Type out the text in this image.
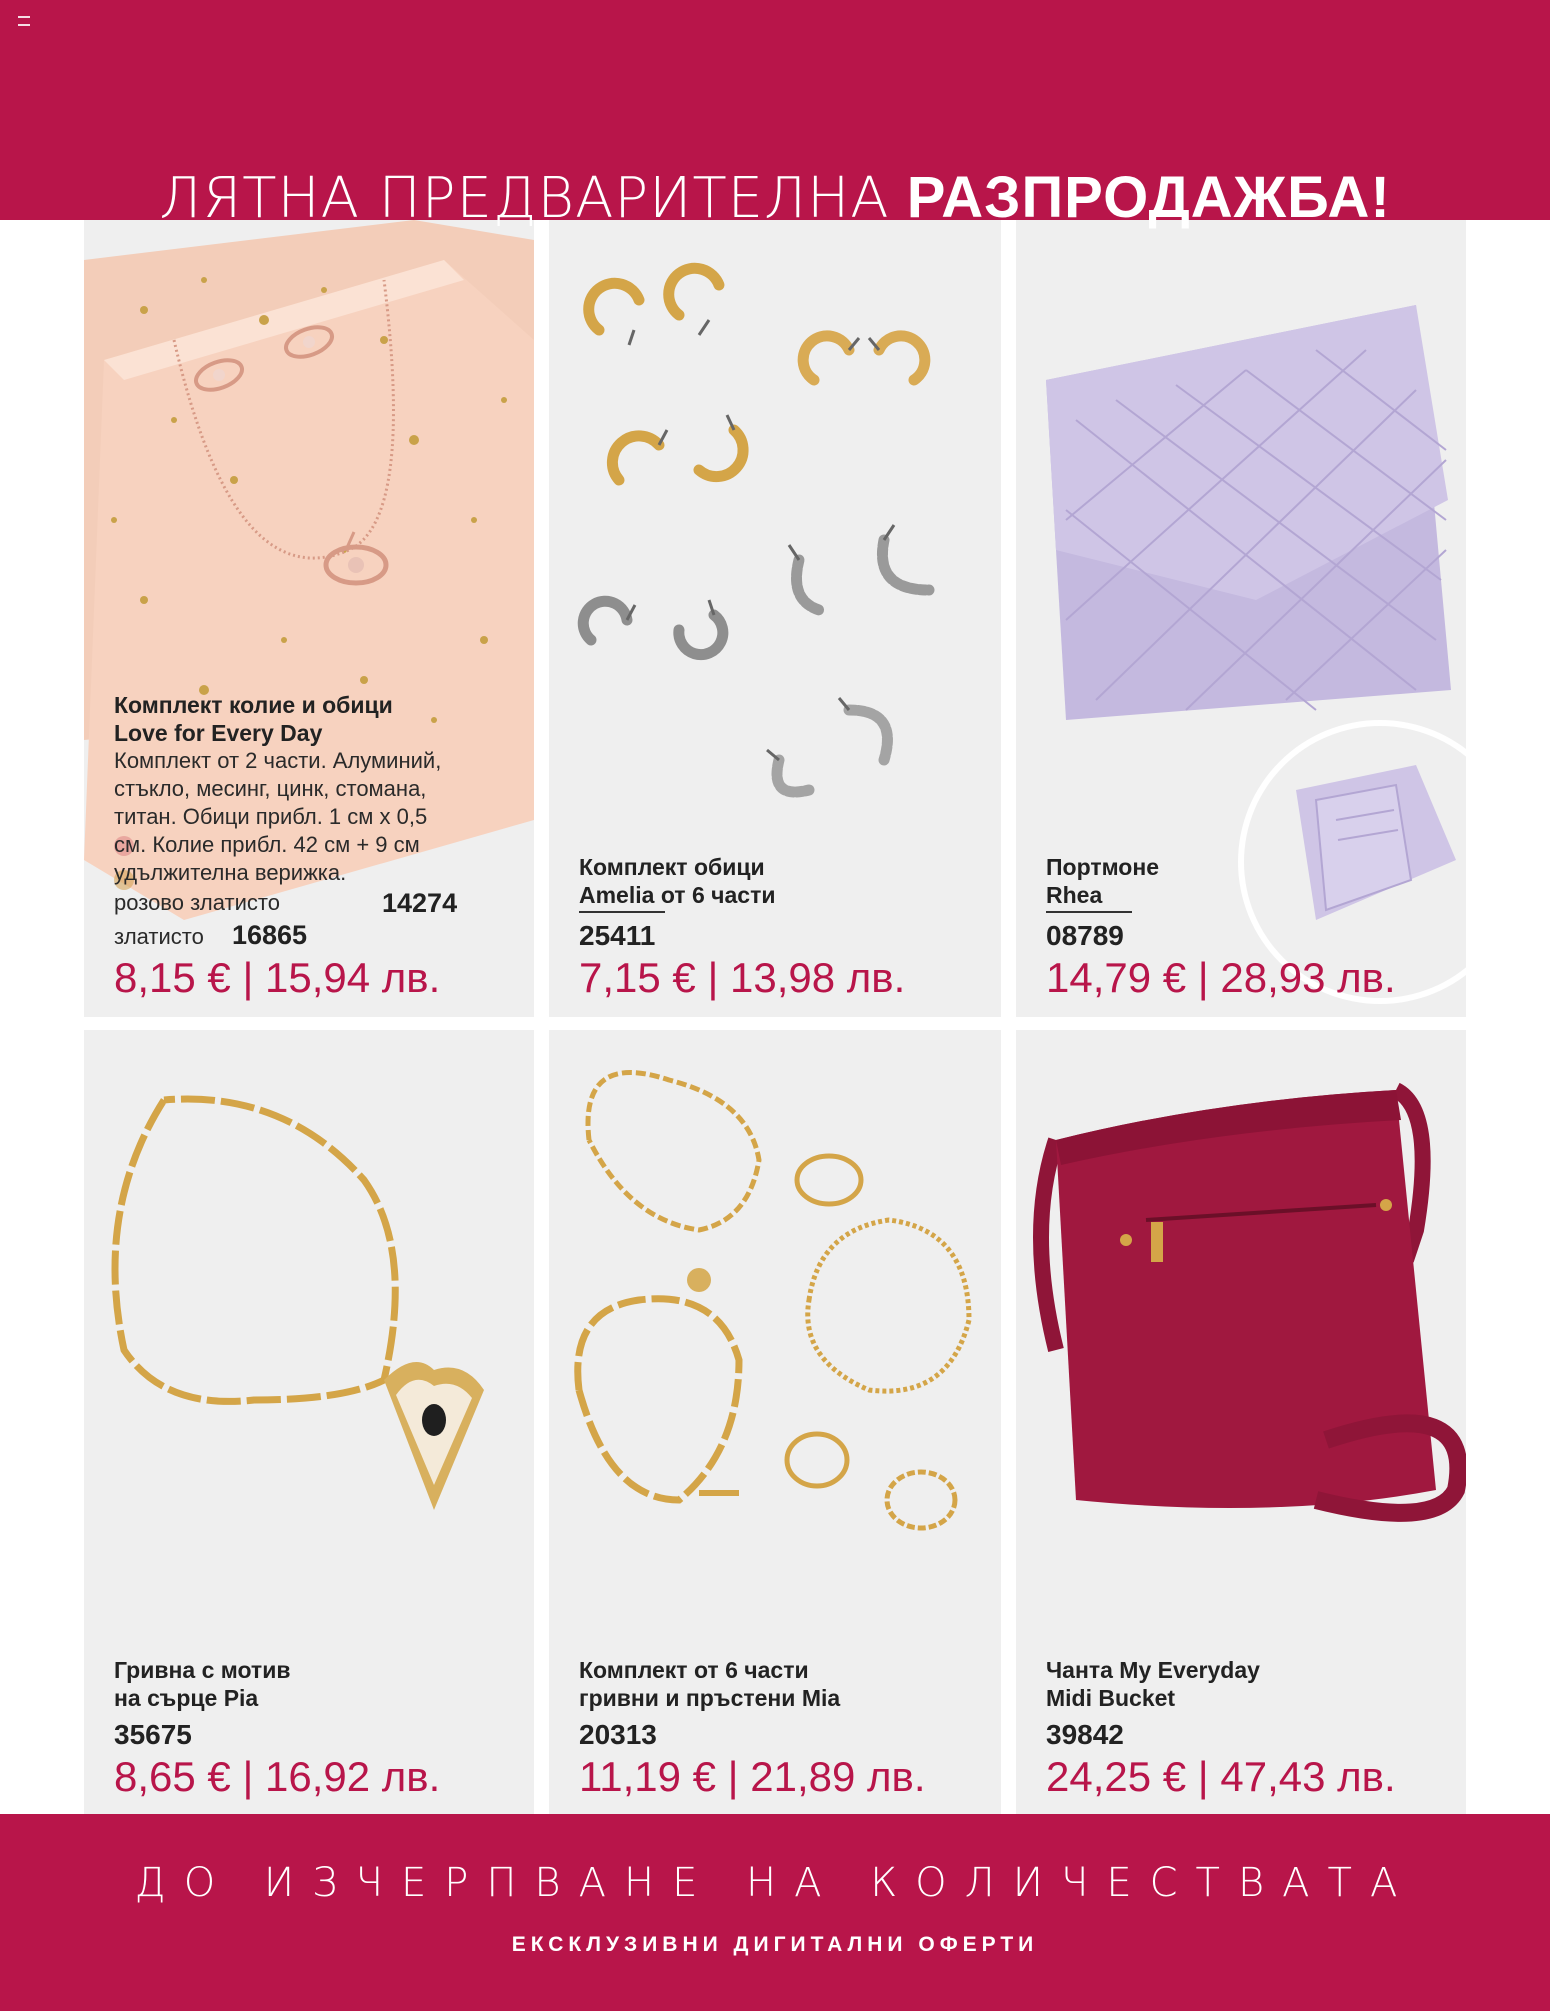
ЛЯТНА ПРЕДВАРИТЕЛНА РАЗПРОДАЖБА!
Комплект колие и обици
Love for Every Day
Комплект от 2 части. Алуминий,
стъкло, месинг, цинк, стомана,
титан. Обици прибл. 1 см х 0,5
см. Колие прибл. 42 см + 9 см
удължителна верижка.
розово златисто	14274
златисто 16865
8,15 € | 15,94 лв.
Комплект обици
Amelia от 6 части
25411
7,15 € | 13,98 лв.
Портмоне
Rhea
08789
14,79 € | 28,93 лв.
Гривна с мотив
на сърце Pia
35675
8,65 € | 16,92 лв.
Комплект от 6 части
гривни и пръстени Mia
20313
11,19 € | 21,89 лв.
Чанта My Everyday
Midi Bucket
39842
24,25 € | 47,43 лв.
ДО ИЗЧЕРПВАНЕ НА КОЛИЧЕСТВАТА
ЕКСКЛУЗИВНИ ДИГИТАЛНИ ОФЕРТИ
